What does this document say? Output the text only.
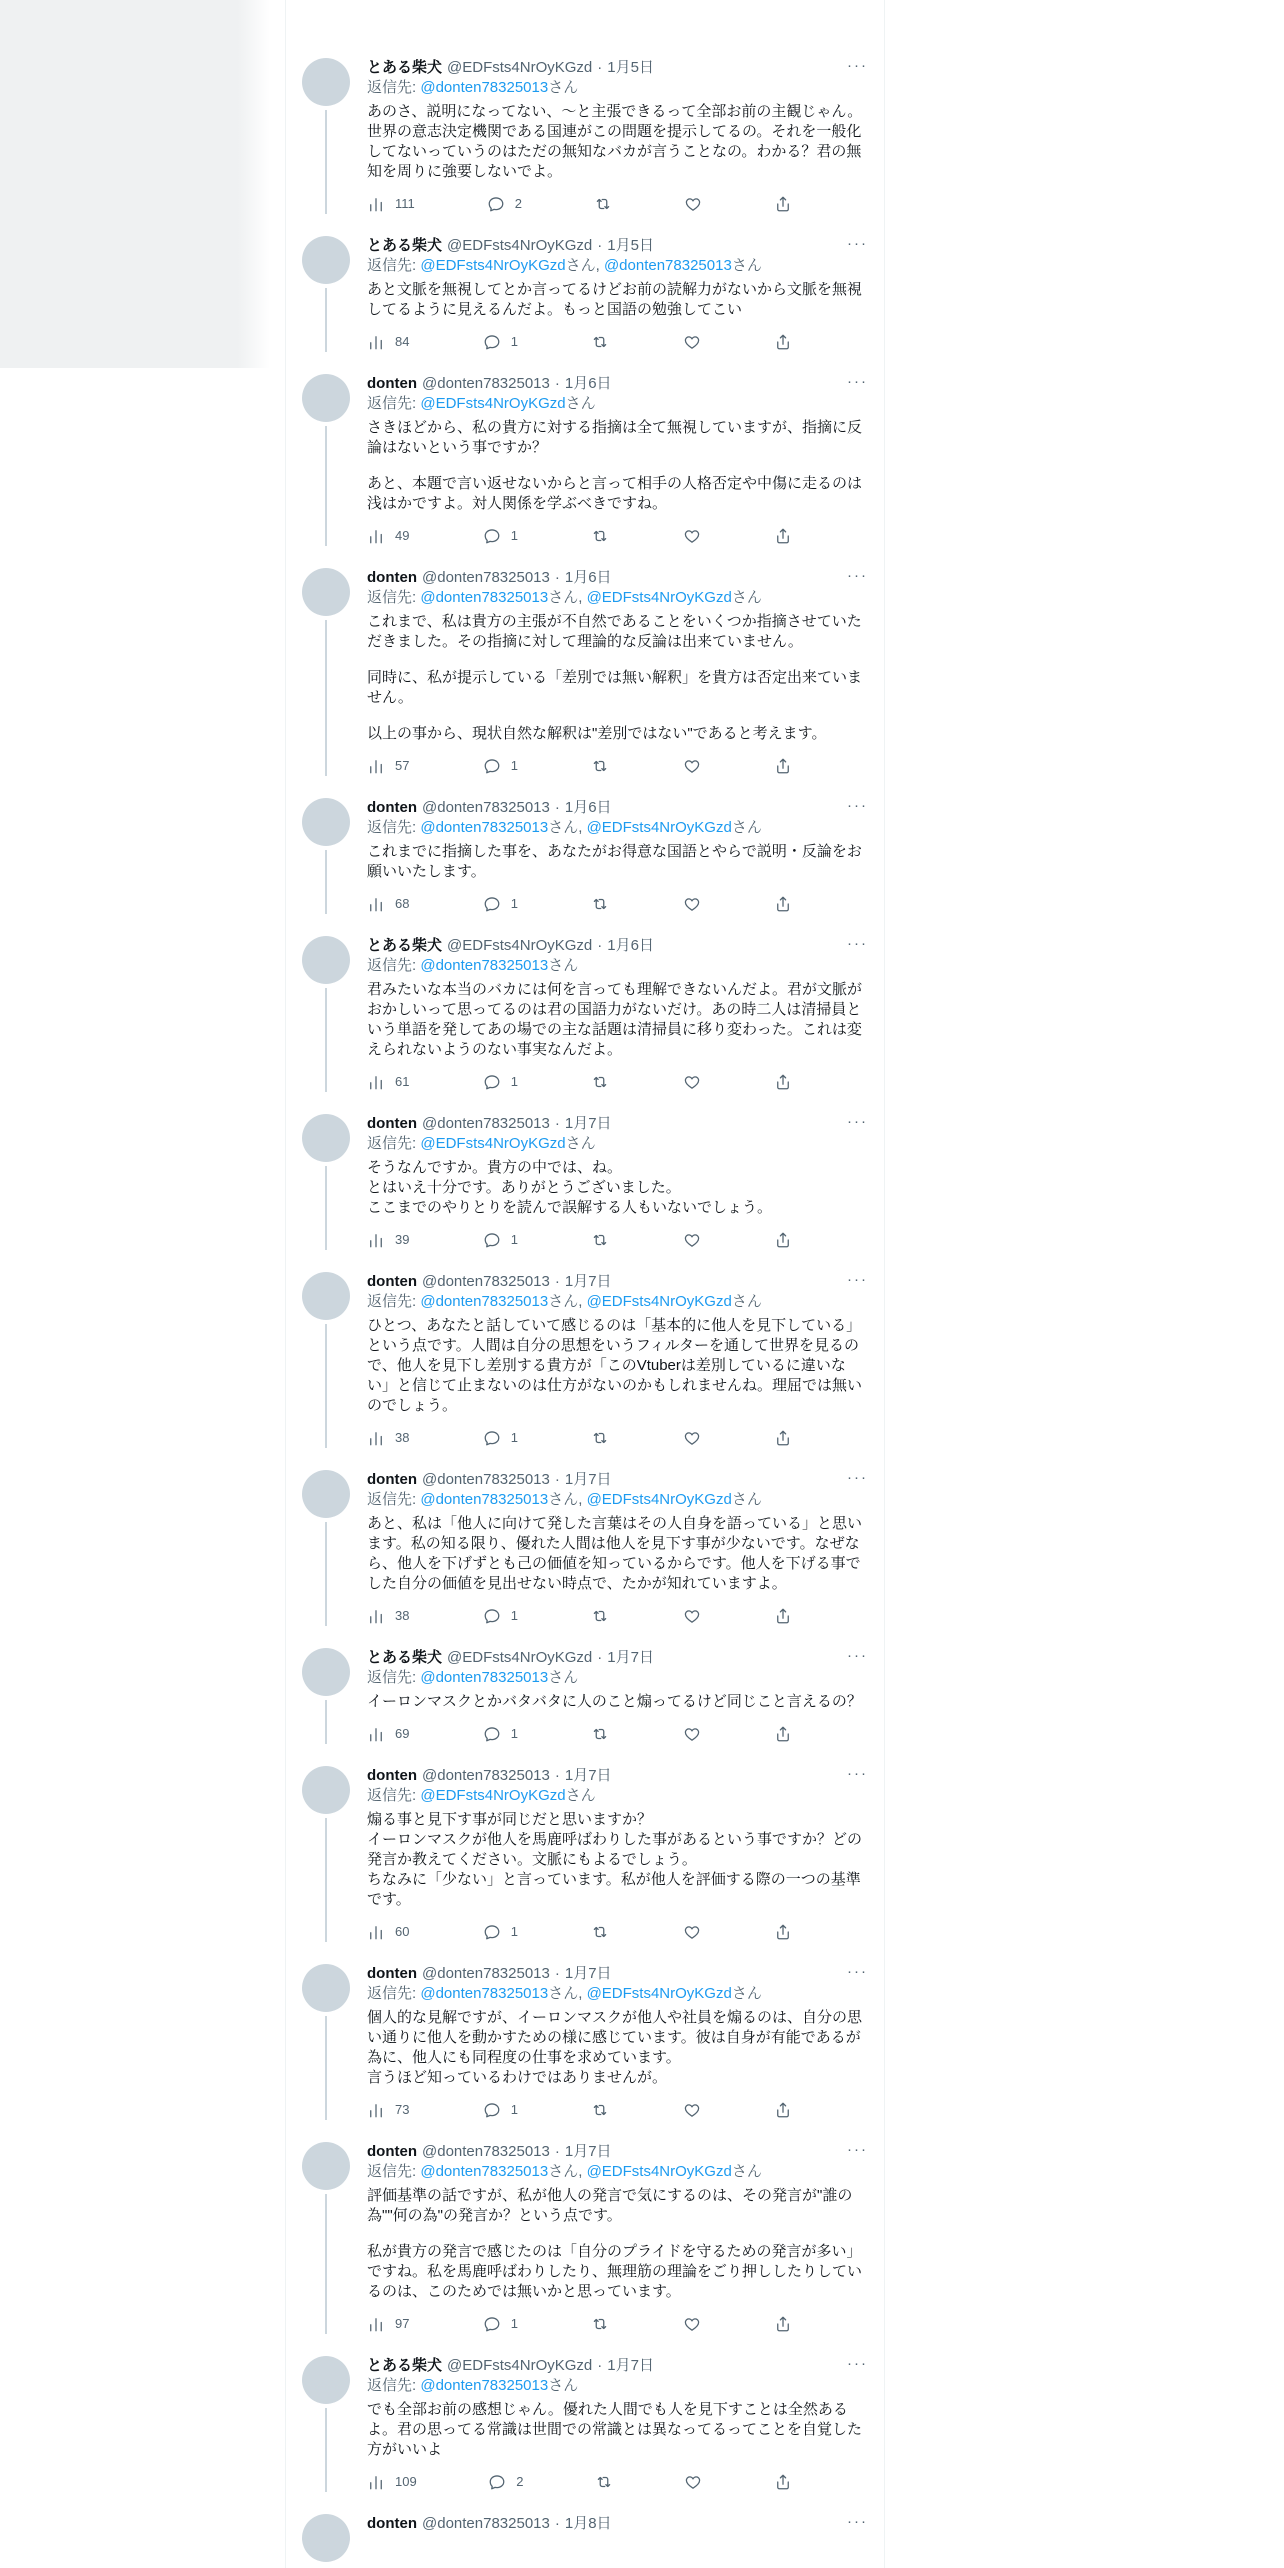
とある柴犬 @EDFsts4NrOyKGzd · 1月5日	···
返信先: @donten78325013さん

あのさ、説明になってない、〜と主張できるって全部お前の主観じゃん。世界の意志決定機関である国連がこの問題を提示してるの。それを一般化してないっていうのはただの無知なバカが言うことなの。わかる？君の無知を周りに強要しないでよ。

111	2
とある柴犬 @EDFsts4NrOyKGzd · 1月5日	···
返信先: @EDFsts4NrOyKGzdさん, @donten78325013さん

あと文脈を無視してとか言ってるけどお前の読解力がないから文脈を無視してるように見えるんだよ。もっと国語の勉強してこい

84	1
donten @donten78325013 · 1月6日	···
返信先: @EDFsts4NrOyKGzdさん

さきほどから、私の貴方に対する指摘は全て無視していますが、指摘に反論はないという事ですか？

あと、本題で言い返せないからと言って相手の人格否定や中傷に走るのは浅はかですよ。対人関係を学ぶべきですね。

49	1
donten @donten78325013 · 1月6日	···
返信先: @donten78325013さん, @EDFsts4NrOyKGzdさん

これまで、私は貴方の主張が不自然であることをいくつか指摘させていただきました。その指摘に対して理論的な反論は出来ていません。

同時に、私が提示している「差別では無い解釈」を貴方は否定出来ていません。

以上の事から、現状自然な解釈は"差別ではない"であると考えます。

57	1
donten @donten78325013 · 1月6日	···
返信先: @donten78325013さん, @EDFsts4NrOyKGzdさん

これまでに指摘した事を、あなたがお得意な国語とやらで説明・反論をお願いいたします。

68	1
とある柴犬 @EDFsts4NrOyKGzd · 1月6日	···
返信先: @donten78325013さん

君みたいな本当のバカには何を言っても理解できないんだよ。君が文脈がおかしいって思ってるのは君の国語力がないだけ。あの時二人は清掃員という単語を発してあの場での主な話題は清掃員に移り変わった。これは変えられないようのない事実なんだよ。

61	1
donten @donten78325013 · 1月7日	···
返信先: @EDFsts4NrOyKGzdさん

そうなんですか。貴方の中では、ね。
とはいえ十分です。ありがとうございました。
ここまでのやりとりを読んで誤解する人もいないでしょう。

39	1
donten @donten78325013 · 1月7日	···
返信先: @donten78325013さん, @EDFsts4NrOyKGzdさん

ひとつ、あなたと話していて感じるのは「基本的に他人を見下している」という点です。人間は自分の思想をいうフィルターを通して世界を見るので、他人を見下し差別する貴方が「このVtuberは差別しているに違いない」と信じて止まないのは仕方がないのかもしれませんね。理屈では無いのでしょう。

38	1
donten @donten78325013 · 1月7日	···
返信先: @donten78325013さん, @EDFsts4NrOyKGzdさん

あと、私は「他人に向けて発した言葉はその人自身を語っている」と思います。私の知る限り、優れた人間は他人を見下す事が少ないです。なぜなら、他人を下げずとも己の価値を知っているからです。他人を下げる事でした自分の価値を見出せない時点で、たかが知れていますよ。

38	1
とある柴犬 @EDFsts4NrOyKGzd · 1月7日	···
返信先: @donten78325013さん

イーロンマスクとかバタバタに人のこと煽ってるけど同じこと言えるの？

69	1
donten @donten78325013 · 1月7日	···
返信先: @EDFsts4NrOyKGzdさん

煽る事と見下す事が同じだと思いますか？
イーロンマスクが他人を馬鹿呼ばわりした事があるという事ですか？どの発言か教えてください。文脈にもよるでしょう。
ちなみに「少ない」と言っています。私が他人を評価する際の一つの基準です。

60	1
donten @donten78325013 · 1月7日	···
返信先: @donten78325013さん, @EDFsts4NrOyKGzdさん

個人的な見解ですが、イーロンマスクが他人や社員を煽るのは、自分の思い通りに他人を動かすための様に感じています。彼は自身が有能であるが為に、他人にも同程度の仕事を求めています。
言うほど知っているわけではありませんが。

73	1
donten @donten78325013 · 1月7日	···
返信先: @donten78325013さん, @EDFsts4NrOyKGzdさん

評価基準の話ですが、私が他人の発言で気にするのは、その発言が"誰の為""何の為"の発言か？という点です。

私が貴方の発言で感じたのは「自分のプライドを守るための発言が多い」ですね。私を馬鹿呼ばわりしたり、無理筋の理論をごり押ししたりしているのは、このためでは無いかと思っています。

97	1
とある柴犬 @EDFsts4NrOyKGzd · 1月7日	···
返信先: @donten78325013さん

でも全部お前の感想じゃん。優れた人間でも人を見下すことは全然あるよ。君の思ってる常識は世間での常識とは異なってるってことを自覚した方がいいよ

109	2
donten @donten78325013 · 1月8日	···
